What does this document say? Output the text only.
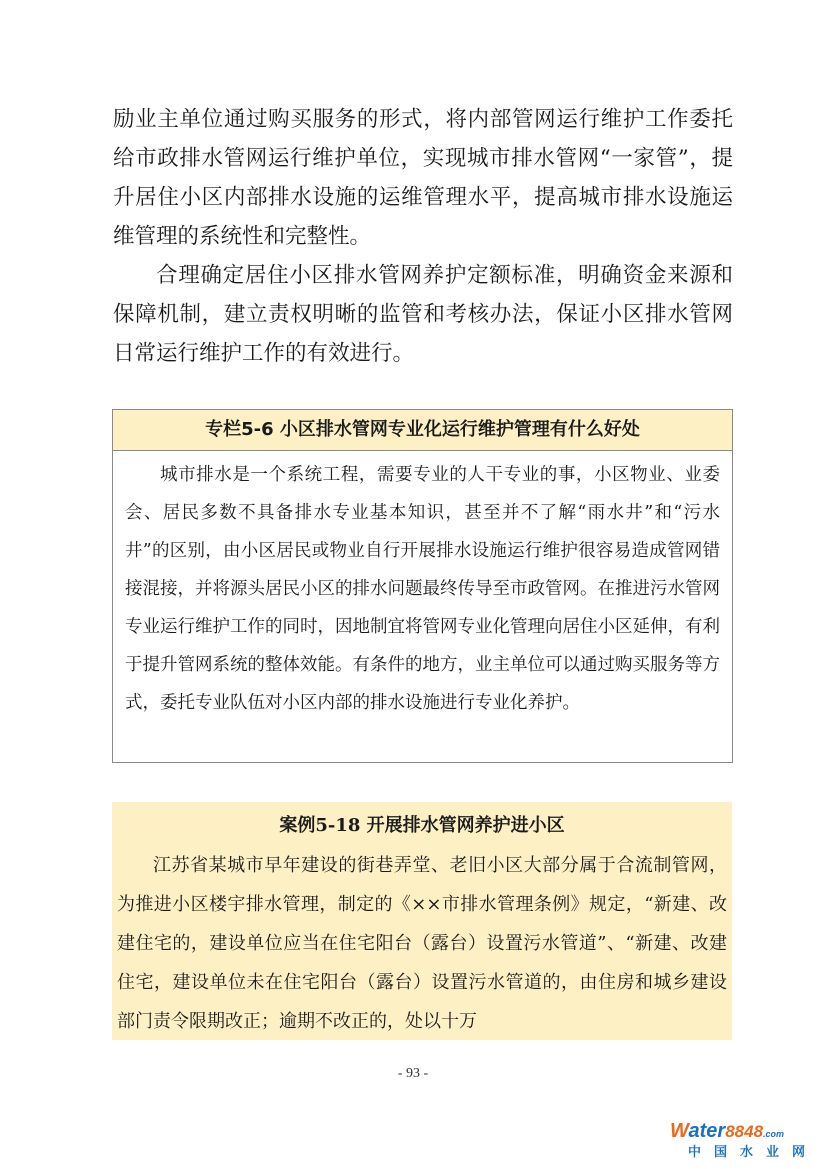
励业主单位通过购买服务的形式，将内部管网运行维护工作委托给市政排水管网运行维护单位，实现城市排水管网“一家管”，提升居住小区内部排水设施的运维管理水平，提高城市排水设施运维管理的系统性和完整性。

合理确定居住小区排水管网养护定额标准，明确资金来源和保障机制，建立责权明晰的监管和考核办法，保证小区排水管网日常运行维护工作的有效进行。

专栏5-6 小区排水管网专业化运行维护管理有什么好处
城市排水是一个系统工程，需要专业的人干专业的事，小区物业、业委会、居民多数不具备排水专业基本知识，甚至并不了解“雨水井”和“污水井”的区别，由小区居民或物业自行开展排水设施运行维护很容易造成管网错接混接，并将源头居民小区的排水问题最终传导至市政管网。在推进污水管网专业运行维护工作的同时，因地制宜将管网专业化管理向居住小区延伸，有利于提升管网系统的整体效能。有条件的地方，业主单位可以通过购买服务等方式，委托专业队伍对小区内部的排水设施进行专业化养护。
案例5-18 开展排水管网养护进小区
江苏省某城市早年建设的街巷弄堂、老旧小区大部分属于合流制管网，为推进小区楼宇排水管理，制定的《××市排水管理条例》规定，“新建、改建住宅的，建设单位应当在住宅阳台（露台）设置污水管道”、“新建、改建住宅，建设单位未在住宅阳台（露台）设置污水管道的，由住房和城乡建设部门责令限期改正；逾期不改正的，处以十万
- 93 -
Water8848.com
中国水业网
